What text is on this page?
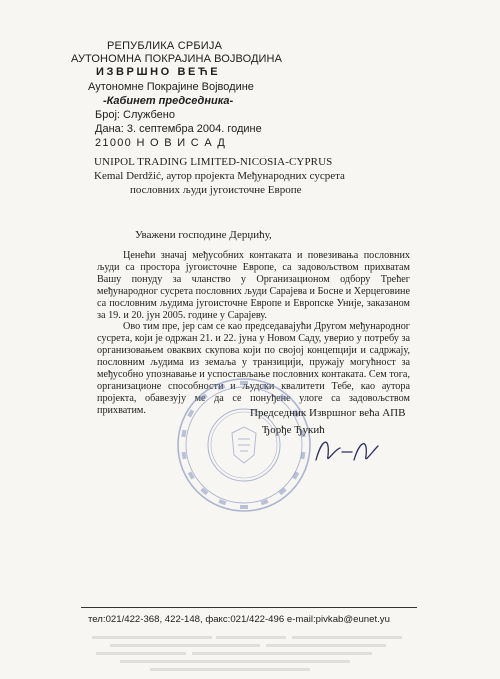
РЕПУБЛИКА СРБИЈА
АУТОНОМНА ПОКРАЈИНА ВОЈВОДИНА
ИЗВРШНО ВЕЋЕ
Аутономне Покрајине Војводине
-Кабинет председника-
Број: Службено
Дана: 3. септембра 2004. године
21000 Н О В И С А Д
UNIPOL TRADING LIMITED-NICOSIA-CYPRUS
Kemal Derdžić, аутор пројекта Међународних сусрета
пословних људи југоисточне Европе
Уважени господине Дерџићу,

Ценећи значај међусобних контаката и повезивања пословних људи са простора југоисточне Европе, са задовољством прихватам Вашу понуду за чланство у Организационом одбору Трећег међународног сусрета пословних људи Сарајева и Босне и Херцеговине са пословним људима југоисточне Европе и Европске Уније, заказаном за 19. и 20. јун 2005. године у Сарајеву.

Ово тим пре, јер сам се као председавајући Другом међународног сусрета, који је одржан 21. и 22. јуна у Новом Саду, уверио у потребу за организовањем оваквих скупова који по својој концепцији и садржају, пословним људима из земаља у транзицији, пружају могућност за међусобно упознавање и успостављање пословних контаката. Сем тога, организационе способности и људски квалитети Тебе, као аутора пројекта, обавезују ме да се понуђене улоге са задовољством прихватим.	Председник Извршног већа АПВ
Ђорђе Ђукић
тел:021/422-368, 422-148, факс:021/422-496 e-mail:pivkab@eunet.yu
